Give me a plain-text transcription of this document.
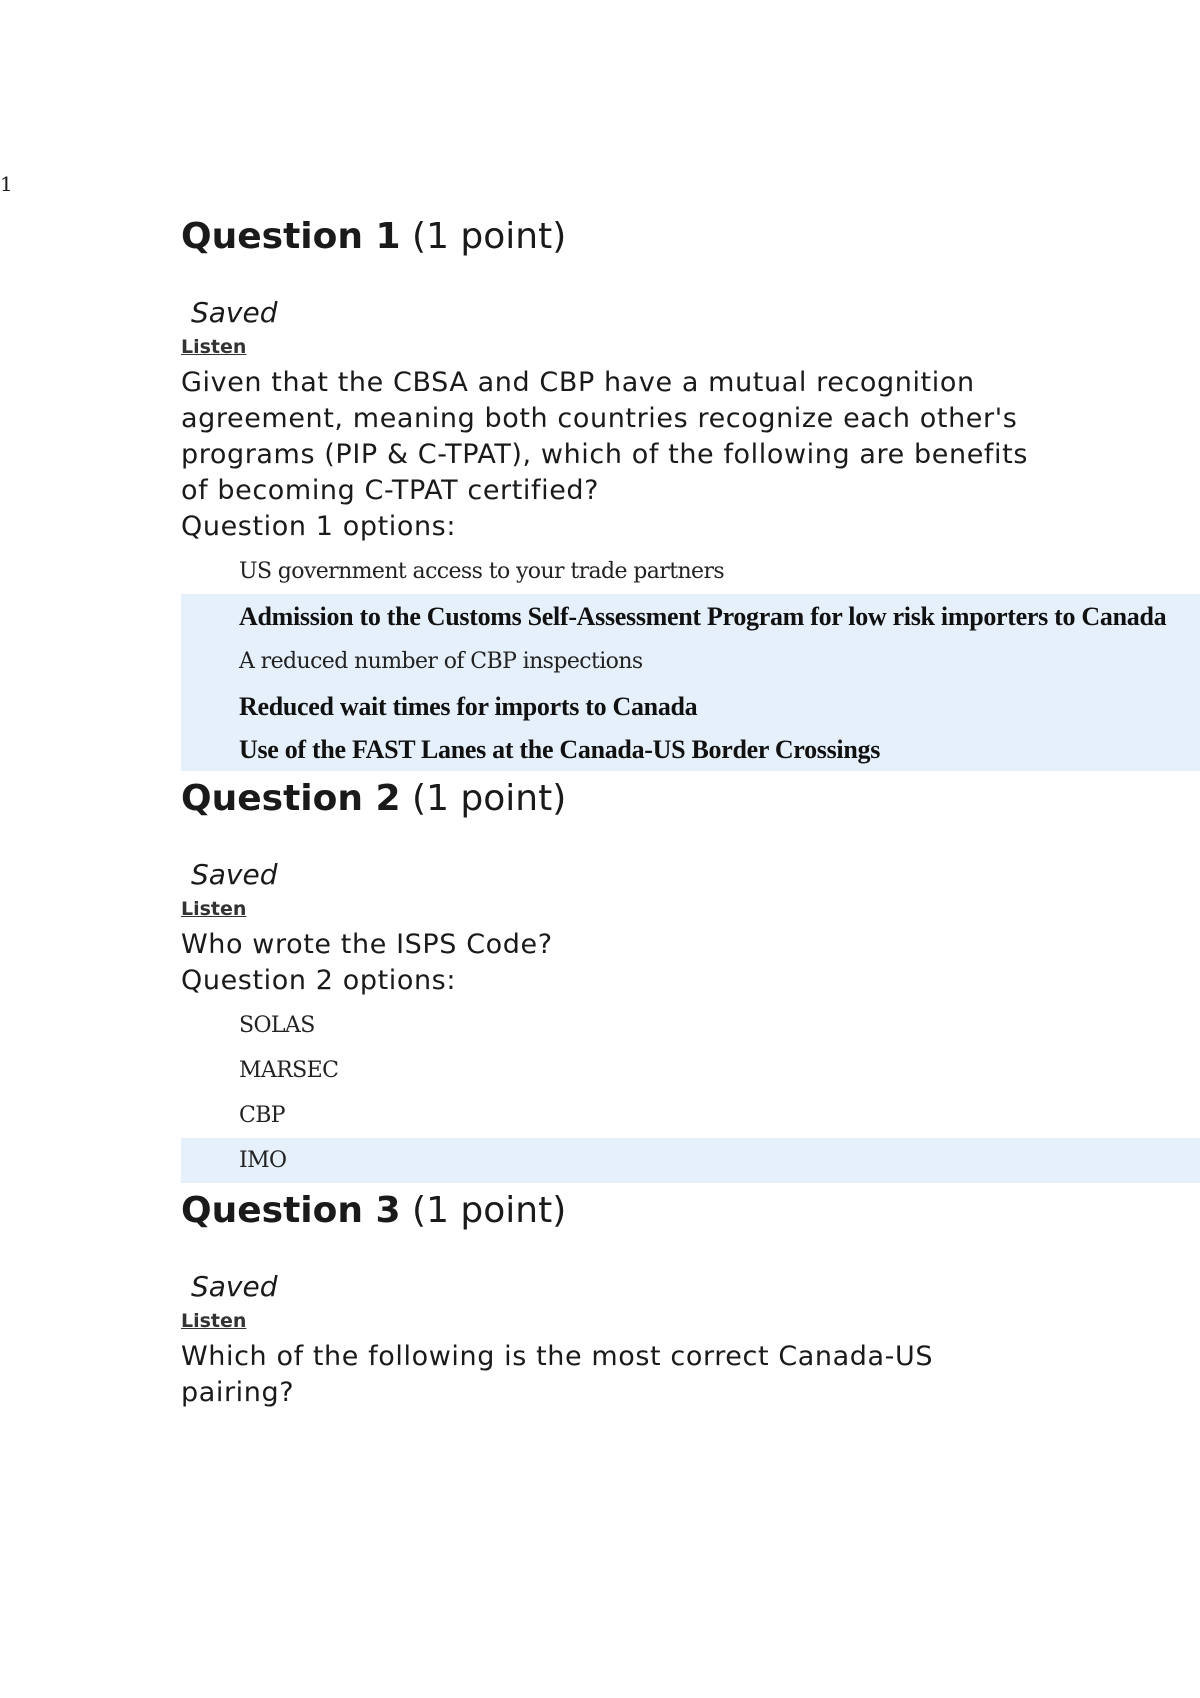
1
Question 1 (1 point)
Saved
Listen
Given that the CBSA and CBP have a mutual recognition agreement, meaning both countries recognize each other's programs (PIP & C-TPAT), which of the following are benefits of becoming C-TPAT certified?
Question 1 options:
US government access to your trade partners
Admission to the Customs Self-Assessment Program for low risk importers to Canada
A reduced number of CBP inspections
Reduced wait times for imports to Canada
Use of the FAST Lanes at the Canada-US Border Crossings
Question 2 (1 point)
Saved
Listen
Who wrote the ISPS Code?
Question 2 options:
SOLAS
MARSEC
CBP
IMO
Question 3 (1 point)
Saved
Listen
Which of the following is the most correct Canada-US pairing?
